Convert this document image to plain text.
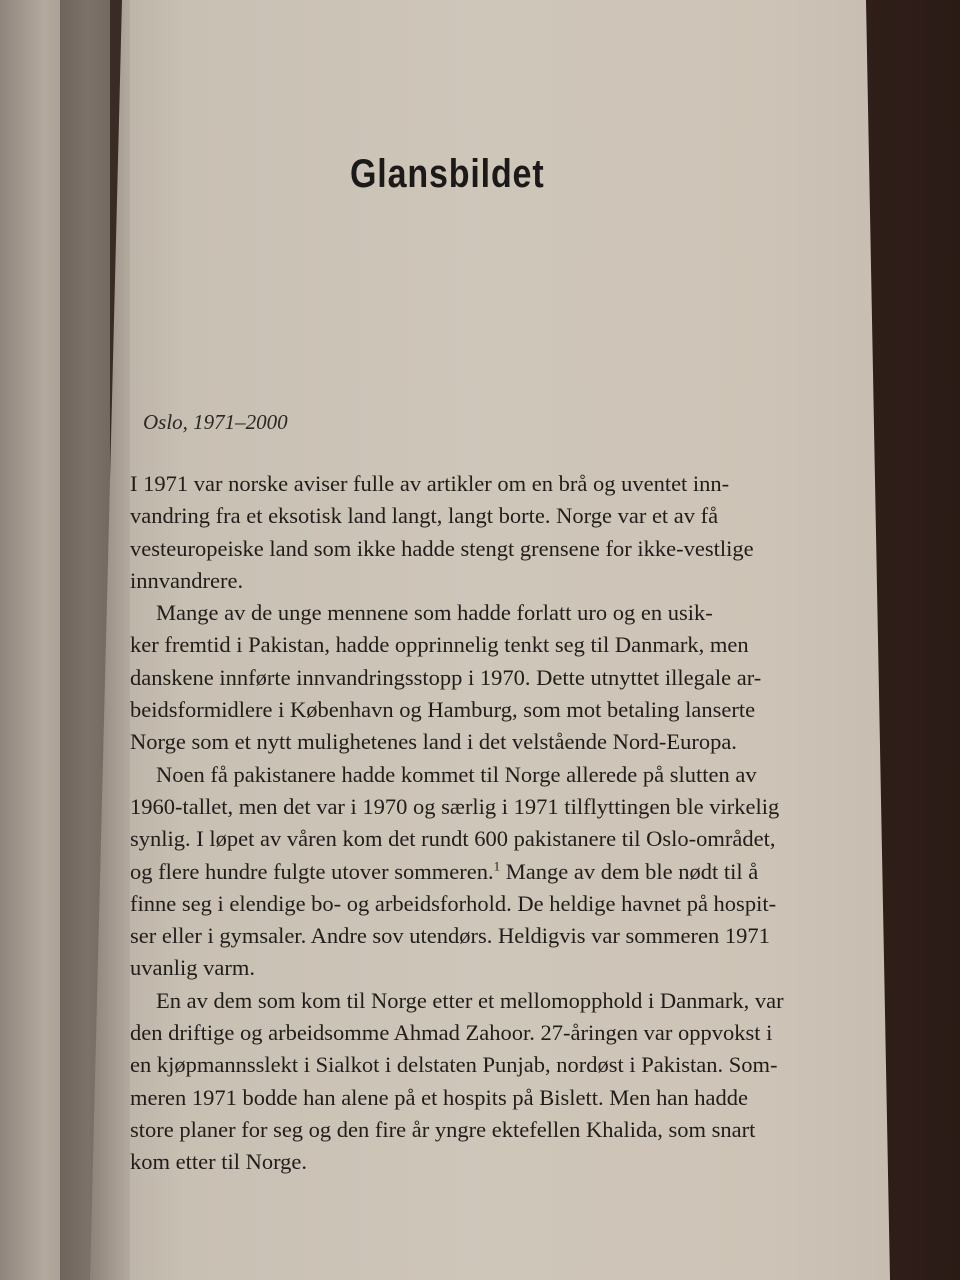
Glansbildet
Oslo, 1971–2000
I 1971 var norske aviser fulle av artikler om en brå og uventet inn-
vandring fra et eksotisk land langt, langt borte. Norge var et av få
vesteuropeiske land som ikke hadde stengt grensene for ikke-vestlige
innvandrere.
Mange av de unge mennene som hadde forlatt uro og en usik-
ker fremtid i Pakistan, hadde opprinnelig tenkt seg til Danmark, men
danskene innførte innvandringsstopp i 1970. Dette utnyttet illegale ar-
beidsformidlere i København og Hamburg, som mot betaling lanserte
Norge som et nytt mulighetenes land i det velstående Nord-Europa.
Noen få pakistanere hadde kommet til Norge allerede på slutten av
1960-tallet, men det var i 1970 og særlig i 1971 tilflyttingen ble virkelig
synlig. I løpet av våren kom det rundt 600 pakistanere til Oslo-området,
og flere hundre fulgte utover sommeren.$^1$ Mange av dem ble nødt til å
finne seg i elendige bo- og arbeidsforhold. De heldige havnet på hospit-
ser eller i gymsaler. Andre sov utendørs. Heldigvis var sommeren 1971
uvanlig varm.
En av dem som kom til Norge etter et mellomopphold i Danmark, var
den driftige og arbeidsomme Ahmad Zahoor. 27-åringen var oppvokst i
en kjøpmannsslekt i Sialkot i delstaten Punjab, nordøst i Pakistan. Som-
meren 1971 bodde han alene på et hospits på Bislett. Men han hadde
store planer for seg og den fire år yngre ektefellen Khalida, som snart
kom etter til Norge.
